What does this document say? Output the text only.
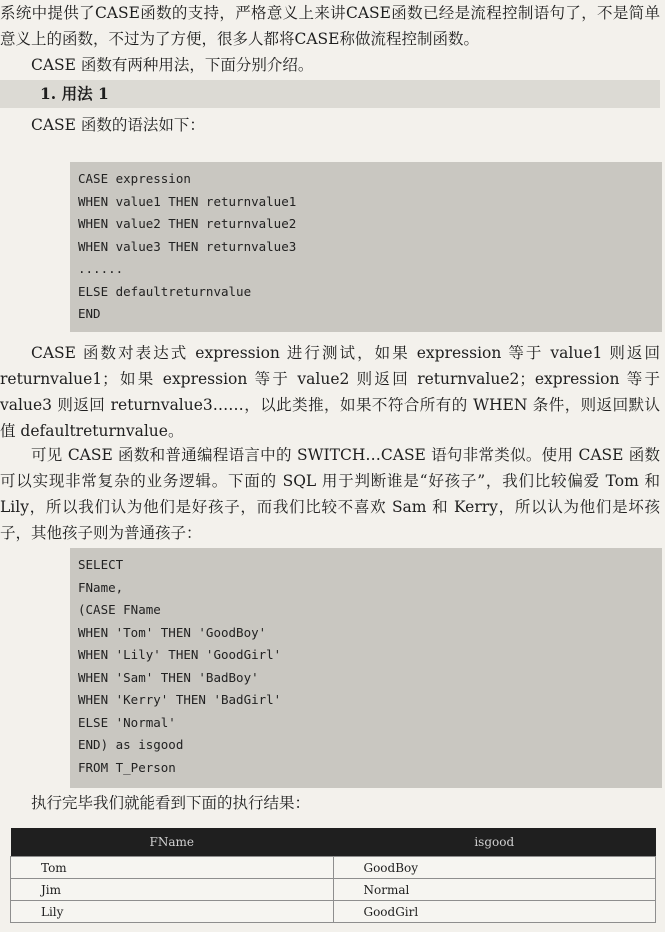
系统中提供了CASE函数的支持，严格意义上来讲CASE函数已经是流程控制语句了，不是简单意义上的函数，不过为了方便，很多人都将CASE称做流程控制函数。

CASE 函数有两种用法，下面分别介绍。

1. 用法 1

CASE 函数的语法如下：

CASE expression
WHEN value1 THEN returnvalue1
WHEN value2 THEN returnvalue2
WHEN value3 THEN returnvalue3
......
ELSE defaultreturnvalue
END

CASE 函数对表达式 expression 进行测试，如果 expression 等于 value1 则返回 returnvalue1；如果 expression 等于 value2 则返回 returnvalue2；expression 等于 value3 则返回 returnvalue3……，以此类推，如果不符合所有的 WHEN 条件，则返回默认值 defaultreturnvalue。

可见 CASE 函数和普通编程语言中的 SWITCH…CASE 语句非常类似。使用 CASE 函数可以实现非常复杂的业务逻辑。下面的 SQL 用于判断谁是“好孩子”，我们比较偏爱 Tom 和 Lily，所以我们认为他们是好孩子，而我们比较不喜欢 Sam 和 Kerry，所以认为他们是坏孩子，其他孩子则为普通孩子：

SELECT
FName,
(CASE FName
WHEN 'Tom' THEN 'GoodBoy'
WHEN 'Lily' THEN 'GoodGirl'
WHEN 'Sam' THEN 'BadBoy'
WHEN 'Kerry' THEN 'BadGirl'
ELSE 'Normal'
END) as isgood
FROM T_Person

执行完毕我们就能看到下面的执行结果：

FName	isgood
Tom	GoodBoy
Jim	Normal
Lily	GoodGirl
